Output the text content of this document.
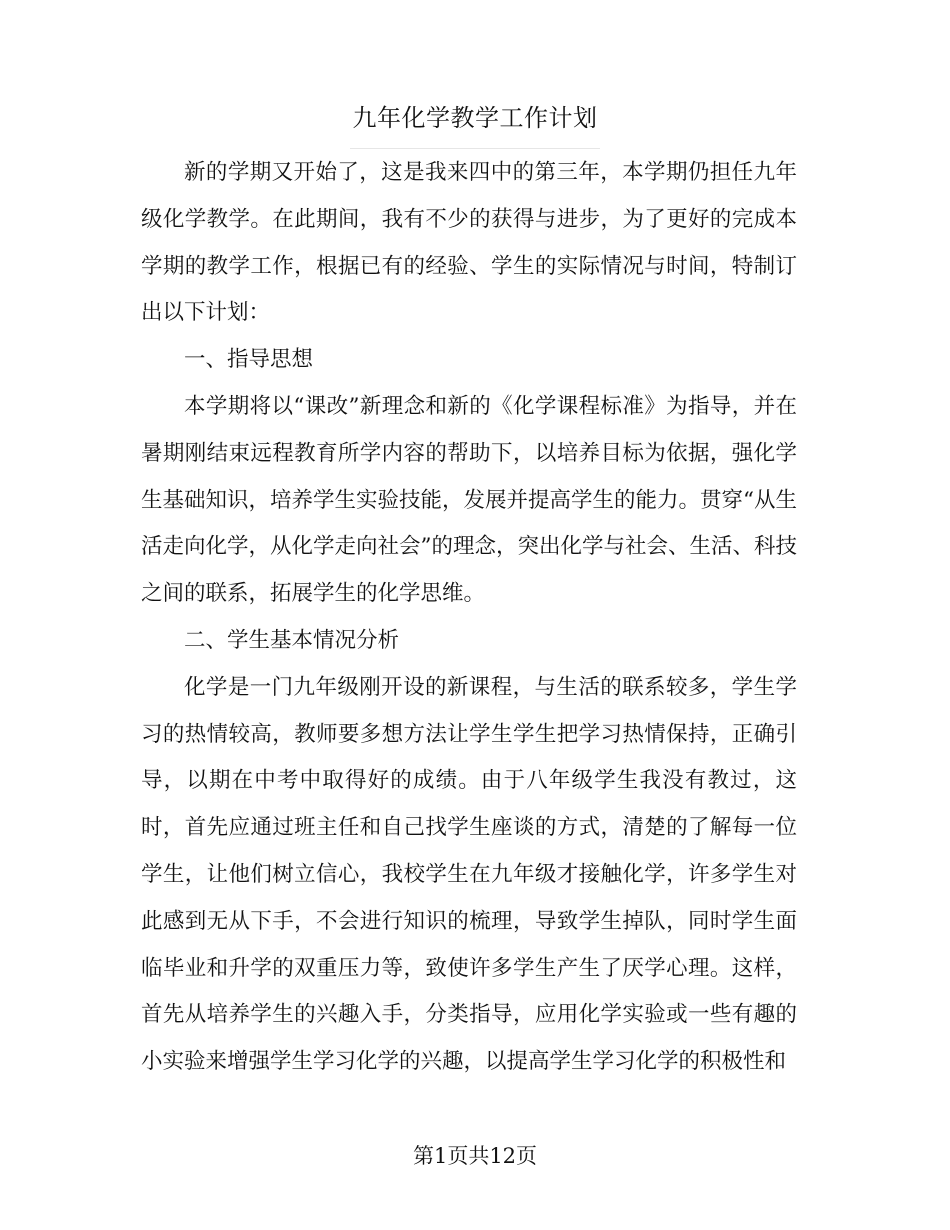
九年化学教学工作计划

新的学期又开始了，这是我来四中的第三年，本学期仍担任九年级化学教学。在此期间，我有不少的获得与进步，为了更好的完成本学期的教学工作，根据已有的经验、学生的实际情况与时间，特制订出以下计划：

一、指导思想

本学期将以“课改”新理念和新的《化学课程标准》为指导，并在暑期刚结束远程教育所学内容的帮助下，以培养目标为依据，强化学生基础知识，培养学生实验技能，发展并提高学生的能力。贯穿“从生活走向化学，从化学走向社会”的理念，突出化学与社会、生活、科技之间的联系，拓展学生的化学思维。

二、学生基本情况分析

化学是一门九年级刚开设的新课程，与生活的联系较多，学生学习的热情较高，教师要多想方法让学生学生把学习热情保持，正确引导，以期在中考中取得好的成绩。由于八年级学生我没有教过，这时，首先应通过班主任和自己找学生座谈的方式，清楚的了解每一位学生，让他们树立信心，我校学生在九年级才接触化学，许多学生对此感到无从下手，不会进行知识的梳理，导致学生掉队，同时学生面临毕业和升学的双重压力等，致使许多学生产生了厌学心理。这样，首先从培养学生的兴趣入手，分类指导，应用化学实验或一些有趣的小实验来增强学生学习化学的兴趣，以提高学生学习化学的积极性和

第1页共12页
